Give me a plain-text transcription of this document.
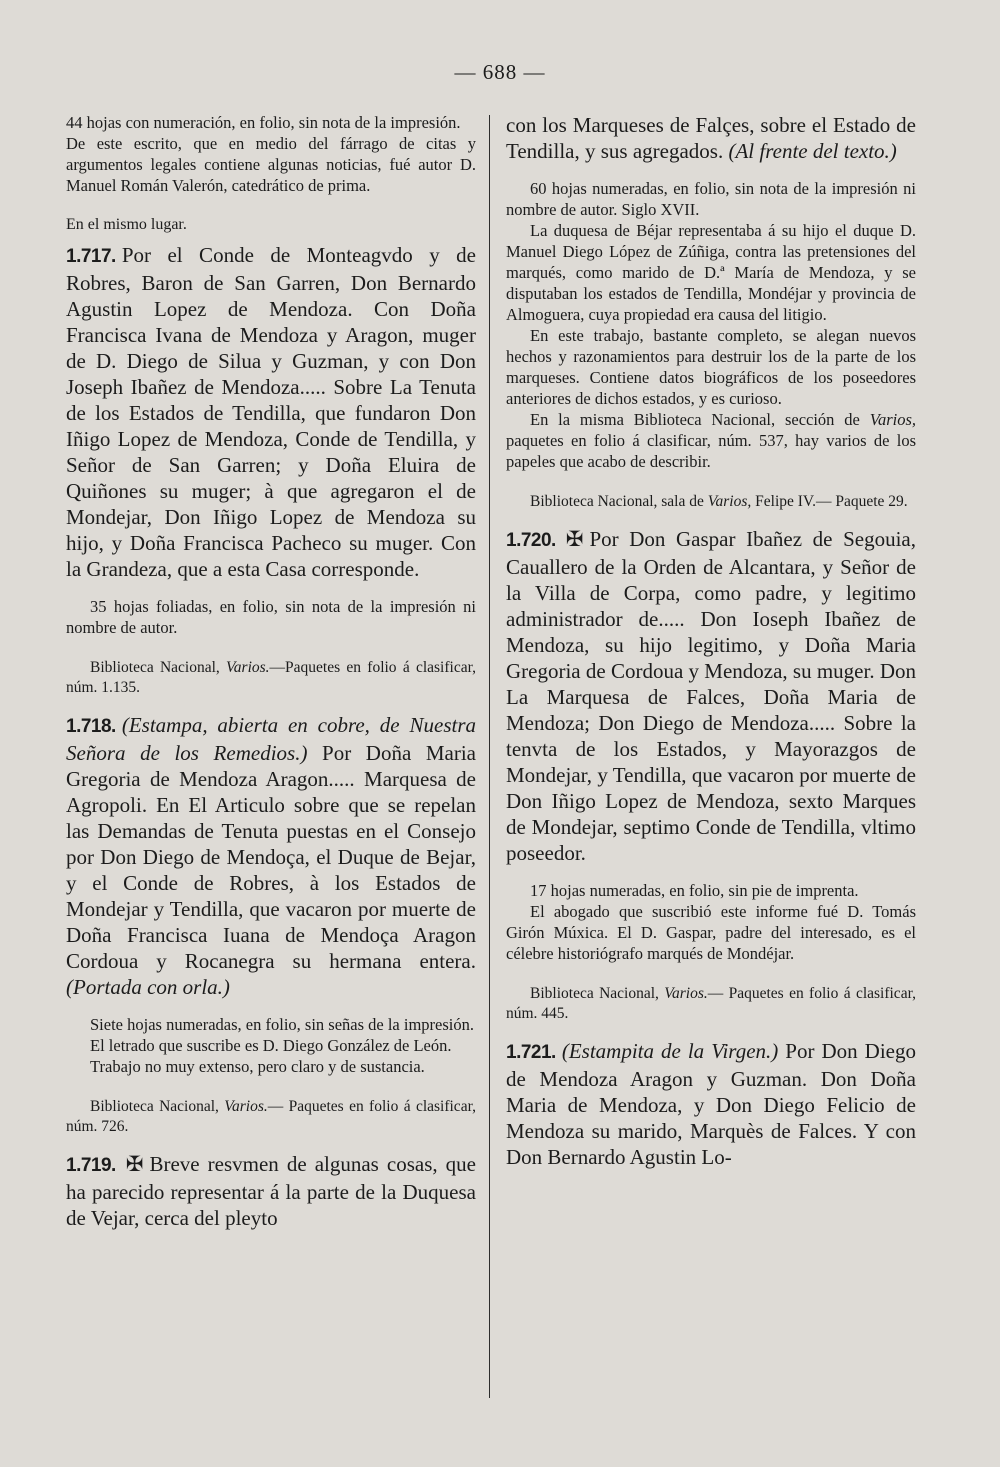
— 688 —

44 hojas con numeración, en folio, sin nota de la impresión.

De este escrito, que en medio del fárrago de citas y argumentos legales contiene algunas noticias, fué autor D. Manuel Román Valerón, catedrático de prima.

En el mismo lugar.

1.717. Por el Conde de Monteagvdo y de Robres, Baron de San Garren, Don Bernardo Agustin Lopez de Mendoza. Con Doña Francisca Ivana de Mendoza y Aragon, muger de D. Diego de Silua y Guzman, y con Don Joseph Ibañez de Mendoza..... Sobre La Tenuta de los Estados de Tendilla, que fundaron Don Iñigo Lopez de Mendoza, Conde de Tendilla, y Señor de San Garren; y Doña Eluira de Quiñones su muger; à que agregaron el de Mondejar, Don Iñigo Lopez de Mendoza su hijo, y Doña Francisca Pacheco su muger. Con la Grandeza, que a esta Casa corresponde.

35 hojas foliadas, en folio, sin nota de la impresión ni nombre de autor.

Biblioteca Nacional, Varios.—Paquetes en folio á clasificar, núm. 1.135.

1.718. (Estampa, abierta en cobre, de Nuestra Señora de los Remedios.) Por Doña Maria Gregoria de Mendoza Aragon..... Marquesa de Agropoli. En El Articulo sobre que se repelan las Demandas de Tenuta puestas en el Consejo por Don Diego de Mendoça, el Duque de Bejar, y el Conde de Robres, à los Estados de Mondejar y Tendilla, que vacaron por muerte de Doña Francisca Iuana de Mendoça Aragon Cordoua y Rocanegra su hermana entera. (Portada con orla.)

Siete hojas numeradas, en folio, sin señas de la impresión.

El letrado que suscribe es D. Diego González de León.

Trabajo no muy extenso, pero claro y de sustancia.

Biblioteca Nacional, Varios.— Paquetes en folio á clasificar, núm. 726.

1.719. ✠ Breve resvmen de algunas cosas, que ha parecido representar á la parte de la Duquesa de Vejar, cerca del pleyto

con los Marqueses de Falçes, sobre el Estado de Tendilla, y sus agregados. (Al frente del texto.)

60 hojas numeradas, en folio, sin nota de la impresión ni nombre de autor. Siglo XVII.

La duquesa de Béjar representaba á su hijo el duque D. Manuel Diego López de Zúñiga, contra las pretensiones del marqués, como marido de D.ª María de Mendoza, y se disputaban los estados de Tendilla, Mondéjar y provincia de Almoguera, cuya propiedad era causa del litigio.

En este trabajo, bastante completo, se alegan nuevos hechos y razonamientos para destruir los de la parte de los marqueses. Contiene datos biográficos de los poseedores anteriores de dichos estados, y es curioso.

En la misma Biblioteca Nacional, sección de Varios, paquetes en folio á clasificar, núm. 537, hay varios de los papeles que acabo de describir.

Biblioteca Nacional, sala de Varios, Felipe IV.— Paquete 29.

1.720. ✠ Por Don Gaspar Ibañez de Segouia, Cauallero de la Orden de Alcantara, y Señor de la Villa de Corpa, como padre, y legitimo administrador de..... Don Ioseph Ibañez de Mendoza, su hijo legitimo, y Doña Maria Gregoria de Cordoua y Mendoza, su muger. Don La Marquesa de Falces, Doña Maria de Mendoza; Don Diego de Mendoza..... Sobre la tenvta de los Estados, y Mayorazgos de Mondejar, y Tendilla, que vacaron por muerte de Don Iñigo Lopez de Mendoza, sexto Marques de Mondejar, septimo Conde de Tendilla, vltimo poseedor.

17 hojas numeradas, en folio, sin pie de imprenta.

El abogado que suscribió este informe fué D. Tomás Girón Múxica. El D. Gaspar, padre del interesado, es el célebre historiógrafo marqués de Mondéjar.

Biblioteca Nacional, Varios.— Paquetes en folio á clasificar, núm. 445.

1.721. (Estampita de la Virgen.) Por Don Diego de Mendoza Aragon y Guzman. Don Doña Maria de Mendoza, y Don Diego Felicio de Mendoza su marido, Marquès de Falces. Y con Don Bernardo Agustin Lo-
